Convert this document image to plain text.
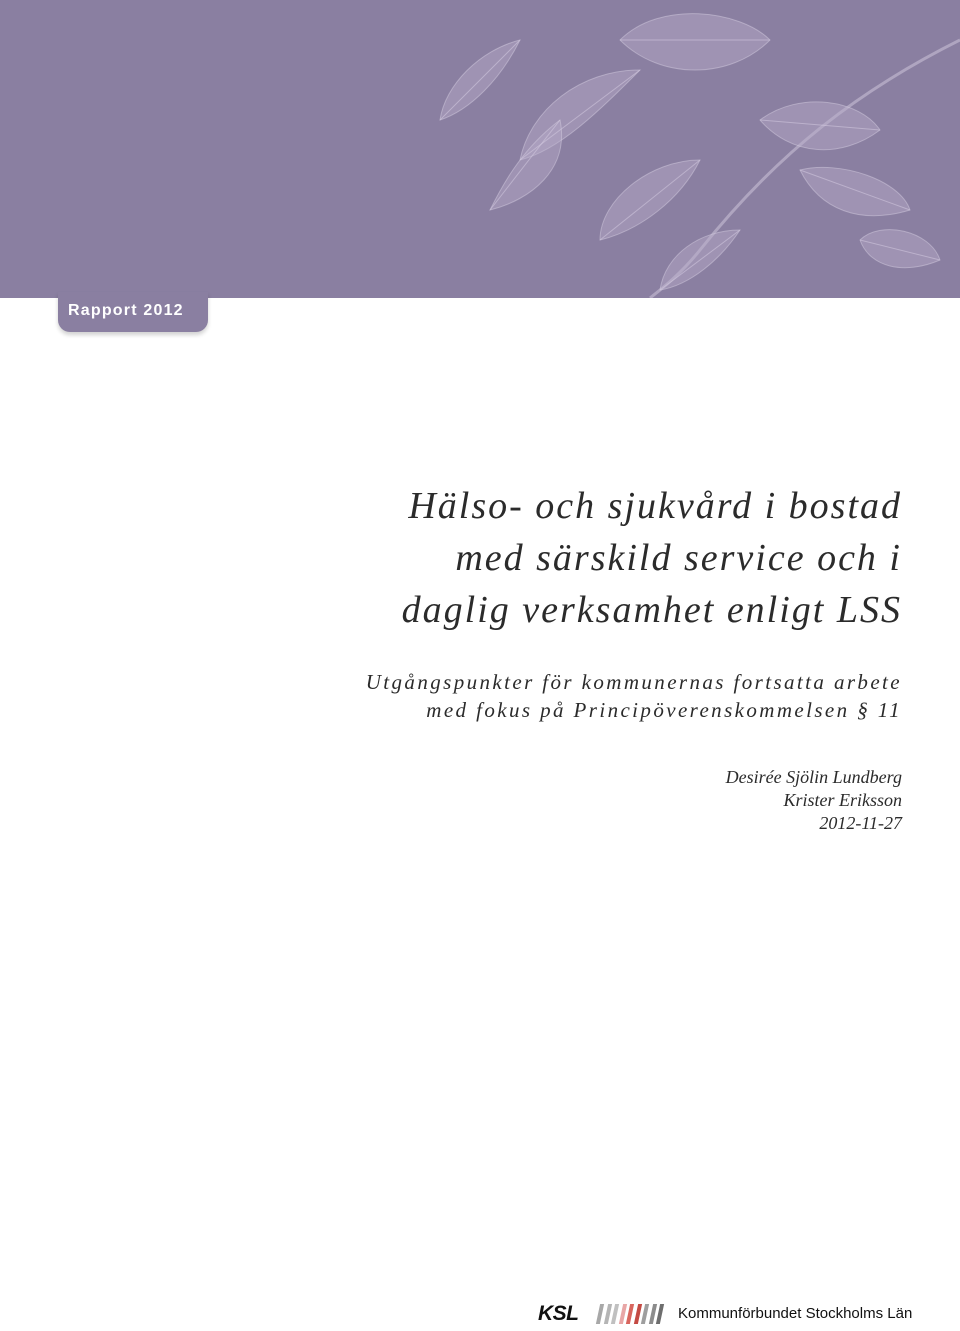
Rapport 2012
Hälso- och sjukvård i bostad
med särskild service och i
daglig verksamhet enligt LSS
Utgångspunkter för kommunernas fortsatta arbete
med fokus på Principöverenskommelsen § 11
Desirée Sjölin Lundberg
Krister Eriksson
2012-11-27
KSL	Kommunförbundet Stockholms Län
